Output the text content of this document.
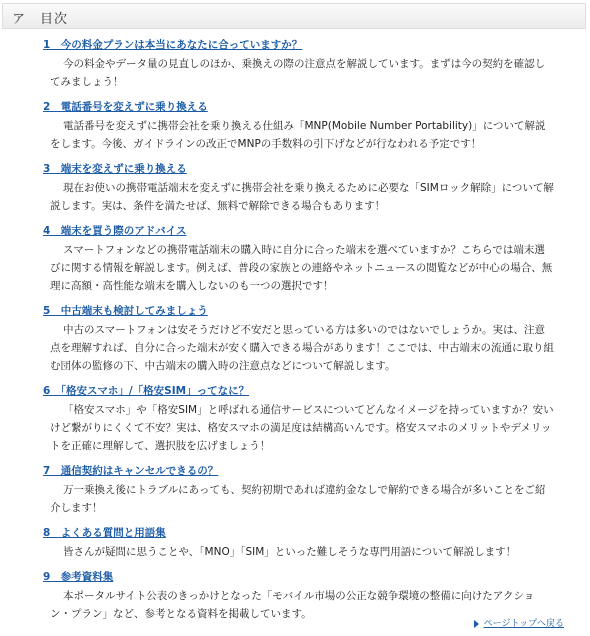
ア　目次
1　今の料金プランは本当にあなたに合っていますか？
今の料金やデータ量の見直しのほか、乗換えの際の注意点を解説しています。まずは今の契約を確認してみましょう！
2　電話番号を変えずに乗り換える
電話番号を変えずに携帯会社を乗り換える仕組み「MNP(Mobile Number Portability)」について解説をします。今後、ガイドラインの改正でMNPの手数料の引下げなどが行なわれる予定です！
3　端末を変えずに乗り換える
現在お使いの携帯電話端末を変えずに携帯会社を乗り換えるために必要な「SIMロック解除」について解説します。実は、条件を満たせば、無料で解除できる場合もあります！
4　端末を買う際のアドバイス
スマートフォンなどの携帯電話端末の購入時に自分に合った端末を選べていますか？こちらでは端末選びに関する情報を解説します。例えば、普段の家族との連絡やネットニュースの閲覧などが中心の場合、無理に高額・高性能な端末を購入しないのも一つの選択です！
5　中古端末も検討してみましょう
中古のスマートフォンは安そうだけど不安だと思っている方は多いのではないでしょうか。実は、注意点を理解すれば、自分に合った端末が安く購入できる場合があります！ここでは、中古端末の流通に取り組む団体の監修の下、中古端末の購入時の注意点などについて解説します。
6　「格安スマホ」/「格安SIM」ってなに？
「格安スマホ」や「格安SIM」と呼ばれる通信サービスについてどんなイメージを持っていますか？安いけど繋がりにくくて不安？実は、格安スマホの満足度は結構高いんです。格安スマホのメリットやデメリットを正確に理解して、選択肢を広げましょう！
7　通信契約はキャンセルできるの？
万一乗換え後にトラブルにあっても、契約初期であれば違約金なしで解約できる場合が多いことをご紹介します！
8　よくある質問と用語集
皆さんが疑問に思うことや、「MNO」「SIM」といった難しそうな専門用語について解説します！
9　参考資料集
本ポータルサイト公表のきっかけとなった「モバイル市場の公正な競争環境の整備に向けたアクション・プラン」など、参考となる資料を掲載しています。
ページトップへ戻る
